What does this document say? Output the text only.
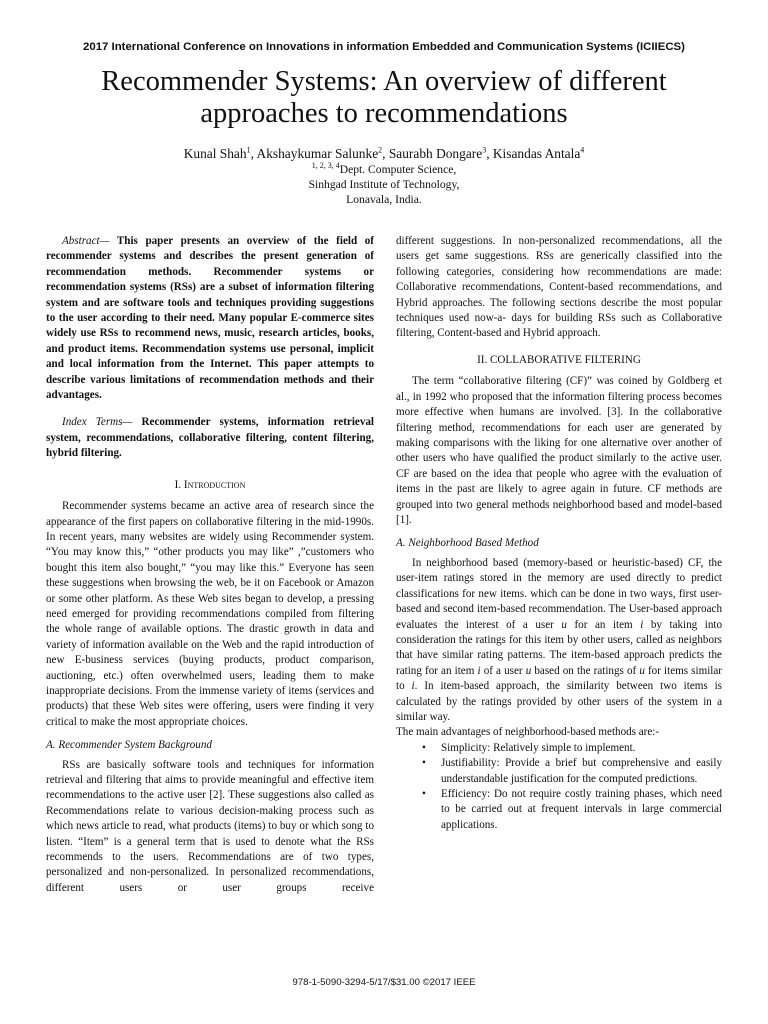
2017 International Conference on Innovations in information Embedded and Communication Systems (ICIIECS)
Recommender Systems: An overview of different
approaches to recommendations
Kunal Shah$^1$, Akshaykumar Salunke$^2$, Saurabh Dongare$^3$, Kisandas Antala$^4$
$^{1, 2, 3, 4}$Dept. Computer Science,
Sinhgad Institute of Technology,
Lonavala, India.

Abstract— This paper presents an overview of the field of recommender systems and describes the present generation of recommendation methods. Recommender systems or recommendation systems (RSs) are a subset of information filtering system and are software tools and techniques providing suggestions to the user according to their need. Many popular E-commerce sites widely use RSs to recommend news, music, research articles, books, and product items. Recommendation systems use personal, implicit and local information from the Internet. This paper attempts to describe various limitations of recommendation methods and their advantages.

Index Terms— Recommender systems, information retrieval system, recommendations, collaborative filtering, content filtering, hybrid filtering.

I. Introduction

Recommender systems became an active area of research since the appearance of the first papers on collaborative filtering in the mid-1990s. In recent years, many websites are widely using Recommender system. “You may know this,” “other products you may like” ,”customers who bought this item also bought,” “you may like this.” Everyone has seen these suggestions when browsing the web, be it on Facebook or Amazon or some other platform. As these Web sites began to develop, a pressing need emerged for providing recommendations compiled from filtering the whole range of available options. The drastic growth in data and variety of information available on the Web and the rapid introduction of new E-business services (buying products, product comparison, auctioning, etc.) often overwhelmed users, leading them to make inappropriate decisions. From the immense variety of items (services and products) that these Web sites were offering, users were finding it very critical to make the most appropriate choices.

A. Recommender System Background

RSs are basically software tools and techniques for information retrieval and filtering that aims to provide meaningful and effective item recommendations to the active user [2]. These suggestions also called as Recommendations relate to various decision-making process such as which news article to read, what products (items) to buy or which song to listen. “Item” is a general term that is used to denote what the RSs recommends to the users. Recommendations are of two types, personalized and non-personalized. In personalized recommendations, different users or user groups receive

different suggestions. In non-personalized recommendations, all the users get same suggestions. RSs are generically classified into the following categories, considering how recommendations are made: Collaborative recommendations, Content-based recommendations, and Hybrid approaches. The following sections describe the most popular techniques used now-a- days for building RSs such as Collaborative filtering, Content-based and Hybrid approach.

II. COLLABORATIVE FILTERING

The term “collaborative filtering (CF)” was coined by Goldberg et al., in 1992 who proposed that the information filtering process becomes more effective when humans are involved. [3]. In the collaborative filtering method, recommendations for each user are generated by making comparisons with the liking for one alternative over another of other users who have qualified the product similarly to the active user. CF are based on the idea that people who agree with the evaluation of items in the past are likely to agree again in future. CF methods are grouped into two general methods neighborhood based and model-based [1].

A. Neighborhood Based Method

In neighborhood based (memory-based or heuristic-based) CF, the user-item ratings stored in the memory are used directly to predict classifications for new items. which can be done in two ways, first user-based and second item-based recommendation. The User-based approach evaluates the interest of a user u for an item i by taking into consideration the ratings for this item by other users, called as neighbors that have similar rating patterns. The item-based approach predicts the rating for an item i of a user u based on the ratings of u for items similar to i. In item-based approach, the similarity between two items is calculated by the ratings provided by other users of the system in a similar way.

The main advantages of neighborhood-based methods are:-

• Simplicity: Relatively simple to implement.
• Justifiability: Provide a brief but comprehensive and easily understandable justification for the computed predictions.
• Efficiency: Do not require costly training phases, which need to be carried out at frequent intervals in large commercial applications.
978-1-5090-3294-5/17/$31.00 ©2017 IEEE
